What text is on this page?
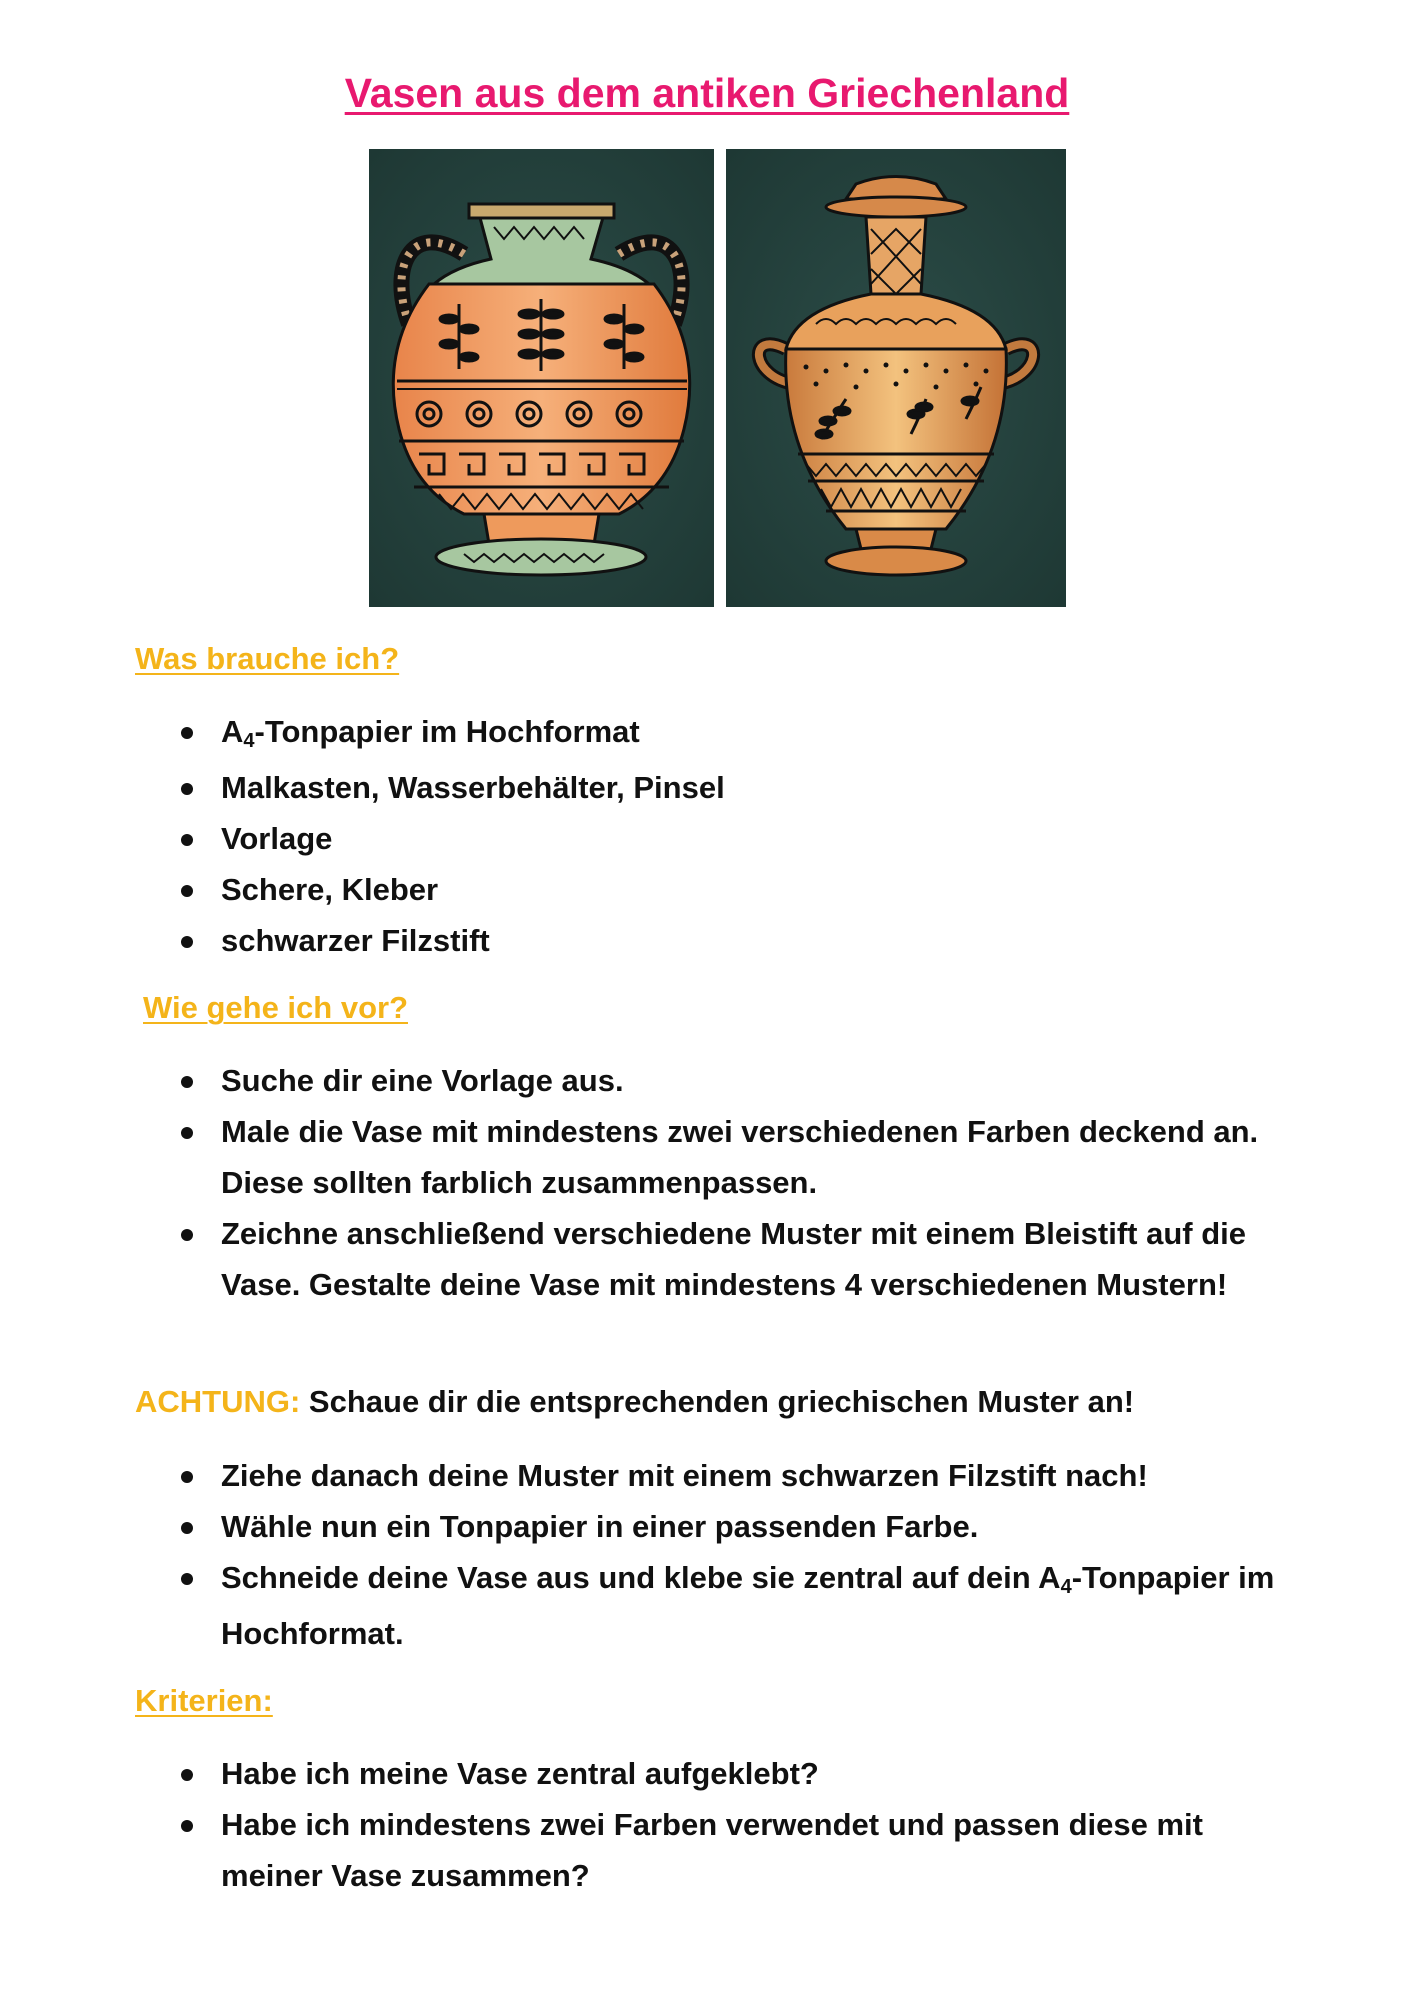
Vasen aus dem antiken Griechenland
Was brauche ich?
A4-Tonpapier im Hochformat
Malkasten, Wasserbehälter, Pinsel
Vorlage
Schere, Kleber
schwarzer Filzstift
Wie gehe ich vor?
Suche dir eine Vorlage aus.
Male die Vase mit mindestens zwei verschiedenen Farben deckend an. Diese sollten farblich zusammenpassen.
Zeichne anschließend verschiedene Muster mit einem Bleistift auf die Vase. Gestalte deine Vase mit mindestens 4 verschiedenen Mustern!
ACHTUNG: Schaue dir die entsprechenden griechischen Muster an!
Ziehe danach deine Muster mit einem schwarzen Filzstift nach!
Wähle nun ein Tonpapier in einer passenden Farbe.
Schneide deine Vase aus und klebe sie zentral auf dein A4-Tonpapier im Hochformat.
Kriterien:
Habe ich meine Vase zentral aufgeklebt?
Habe ich mindestens zwei Farben verwendet und passen diese mit meiner Vase zusammen?
